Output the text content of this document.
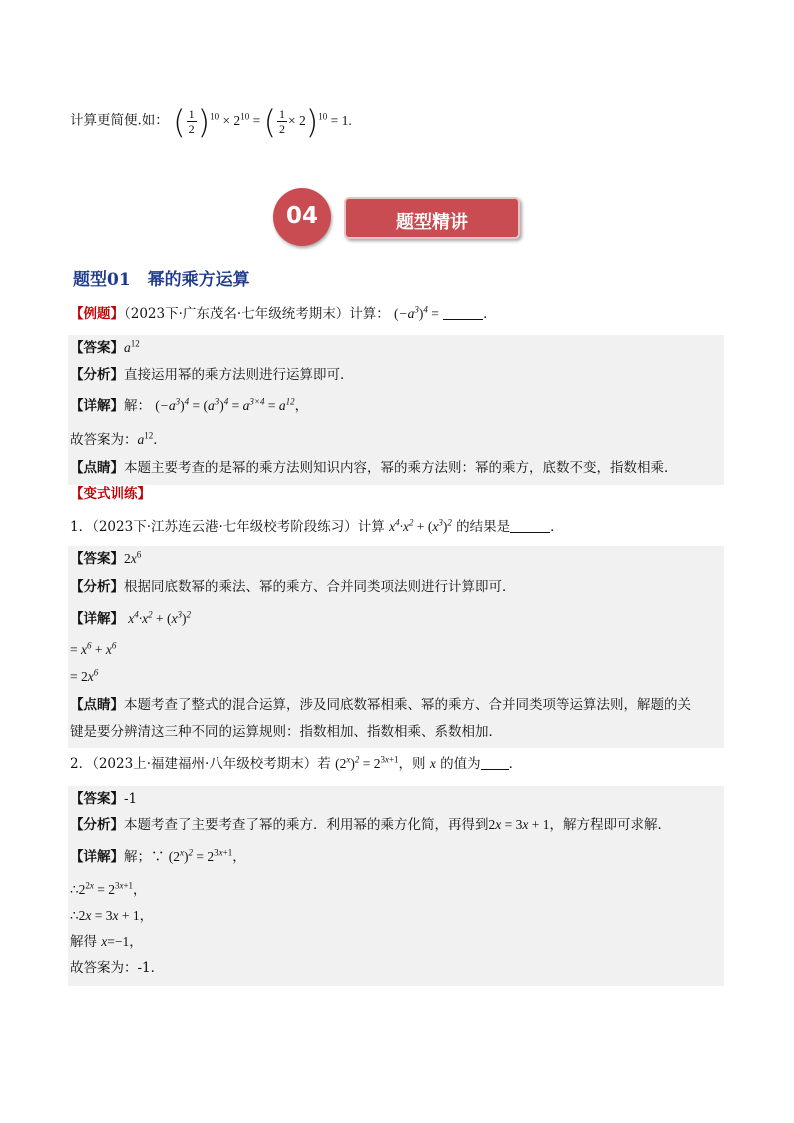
计算更简便.如： ( $\frac{1}{2} )^{10} \times 2^{10}$ = ( $\frac{1}{2} \times 2)^{10} = 1$.
题型精讲
04
题型01　幂的乘方运算
【例题】（2023下·广东茂名·七年级统考期末）计算： $(-a^3)^4$ =	．
【答案】$a^{12}$
【分析】直接运用幂的乘方法则进行运算即可．
【详解】解： $(-a^3)^4 = (a^3)^4 = a^{3\times 4} = a^{12}$，
故答案为：$a^{12}$．
【点睛】本题主要考查的是幂的乘方法则知识内容，幂的乘方法则：幂的乘方，底数不变，指数相乘．
【变式训练】
1．（2023下·江苏连云港·七年级校考阶段练习）计算 $x^4\cdot x^2 + (x^3)^2$ 的结果是	．
【答案】$2x^6$
【分析】根据同底数幂的乘法、幂的乘方、合并同类项法则进行计算即可．
【详解】 $x^4\cdot x^2 + (x^3)^2$
= $x^6 + x^6$
= $2x^6$
【点睛】本题考查了整式的混合运算，涉及同底数幂相乘、幂的乘方、合并同类项等运算法则，解题的关
键是要分辨清这三种不同的运算规则：指数相加、指数相乘、系数相加．
2．（2023上·福建福州·八年级校考期末）若 $(2^x)^2 = 2^{3x+1}$，则 x 的值为 ．
【答案】-1
【分析】本题考查了主要考查了幂的乘方．利用幂的乘方化简，再得到2x = 3x + 1，解方程即可求解．
【详解】解；∵ $(2^x)^2 = 2^{3x+1}$，
$\therefore 2^{2x} = 2^{3x+1}$，
∴2x = 3x + 1，
解得 x=−1，
故答案为：-1．
